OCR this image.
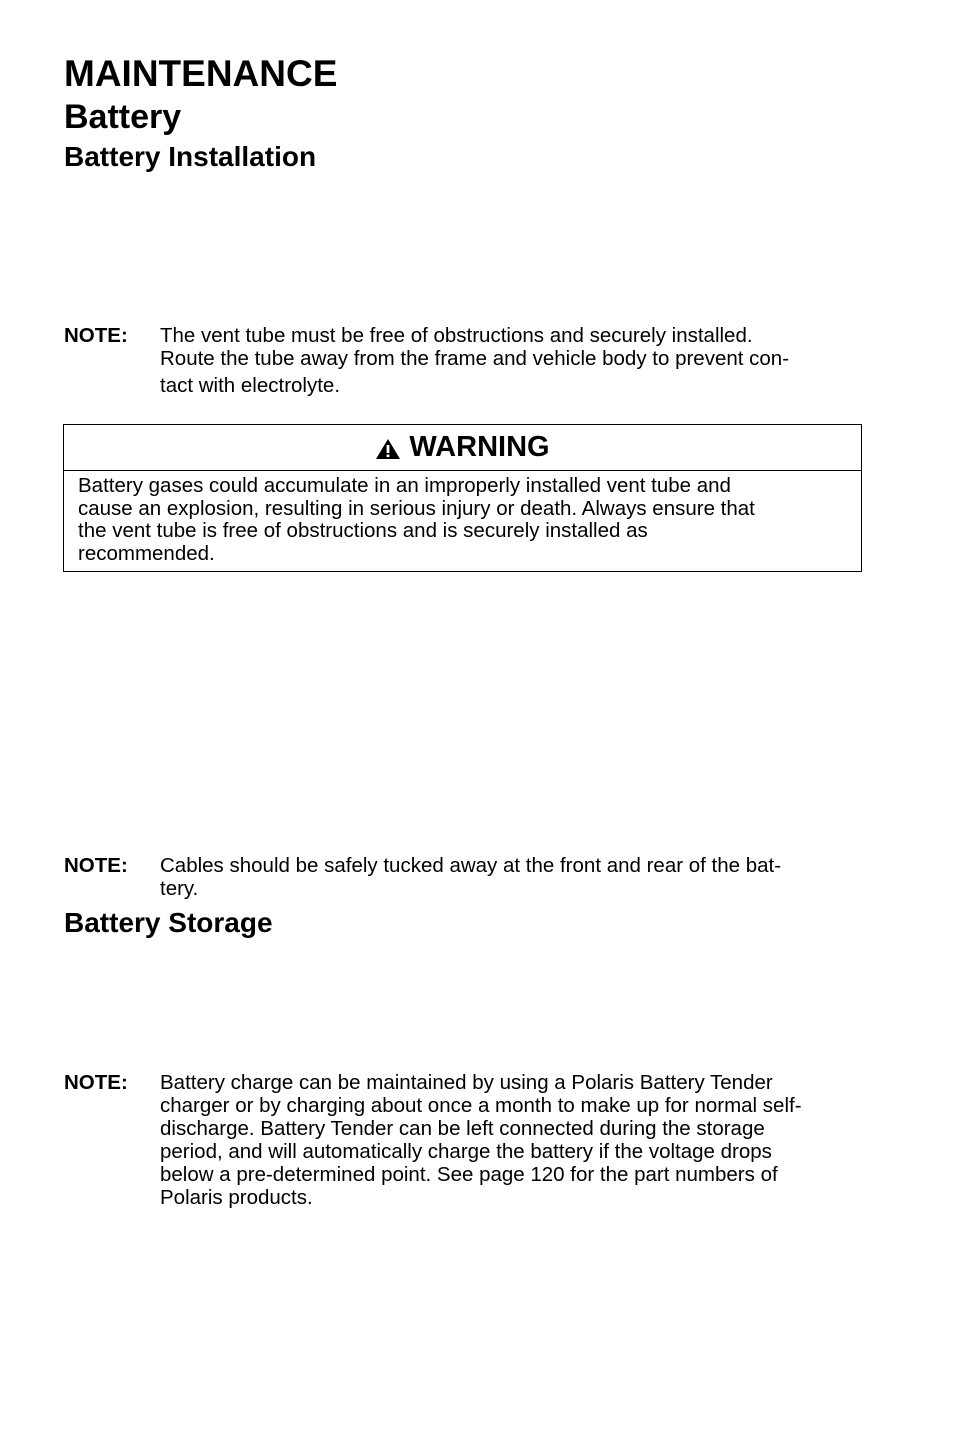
MAINTENANCE
Battery
Battery Installation
NOTE: The vent tube must be free of obstructions and securely installed.
Route the tube away from the frame and vehicle body to prevent con-
tact with electrolyte.
WARNING
Battery gases could accumulate in an improperly installed vent tube and
cause an explosion, resulting in serious injury or death. Always ensure that
the vent tube is free of obstructions and is securely installed as
recommended.
NOTE: Cables should be safely tucked away at the front and rear of the bat-
tery.
Battery Storage
NOTE: Battery charge can be maintained by using a Polaris Battery Tender
charger or by charging about once a month to make up for normal self-
discharge. Battery Tender can be left connected during the storage
period, and will automatically charge the battery if the voltage drops
below a pre-determined point. See page 120 for the part numbers of
Polaris products.
